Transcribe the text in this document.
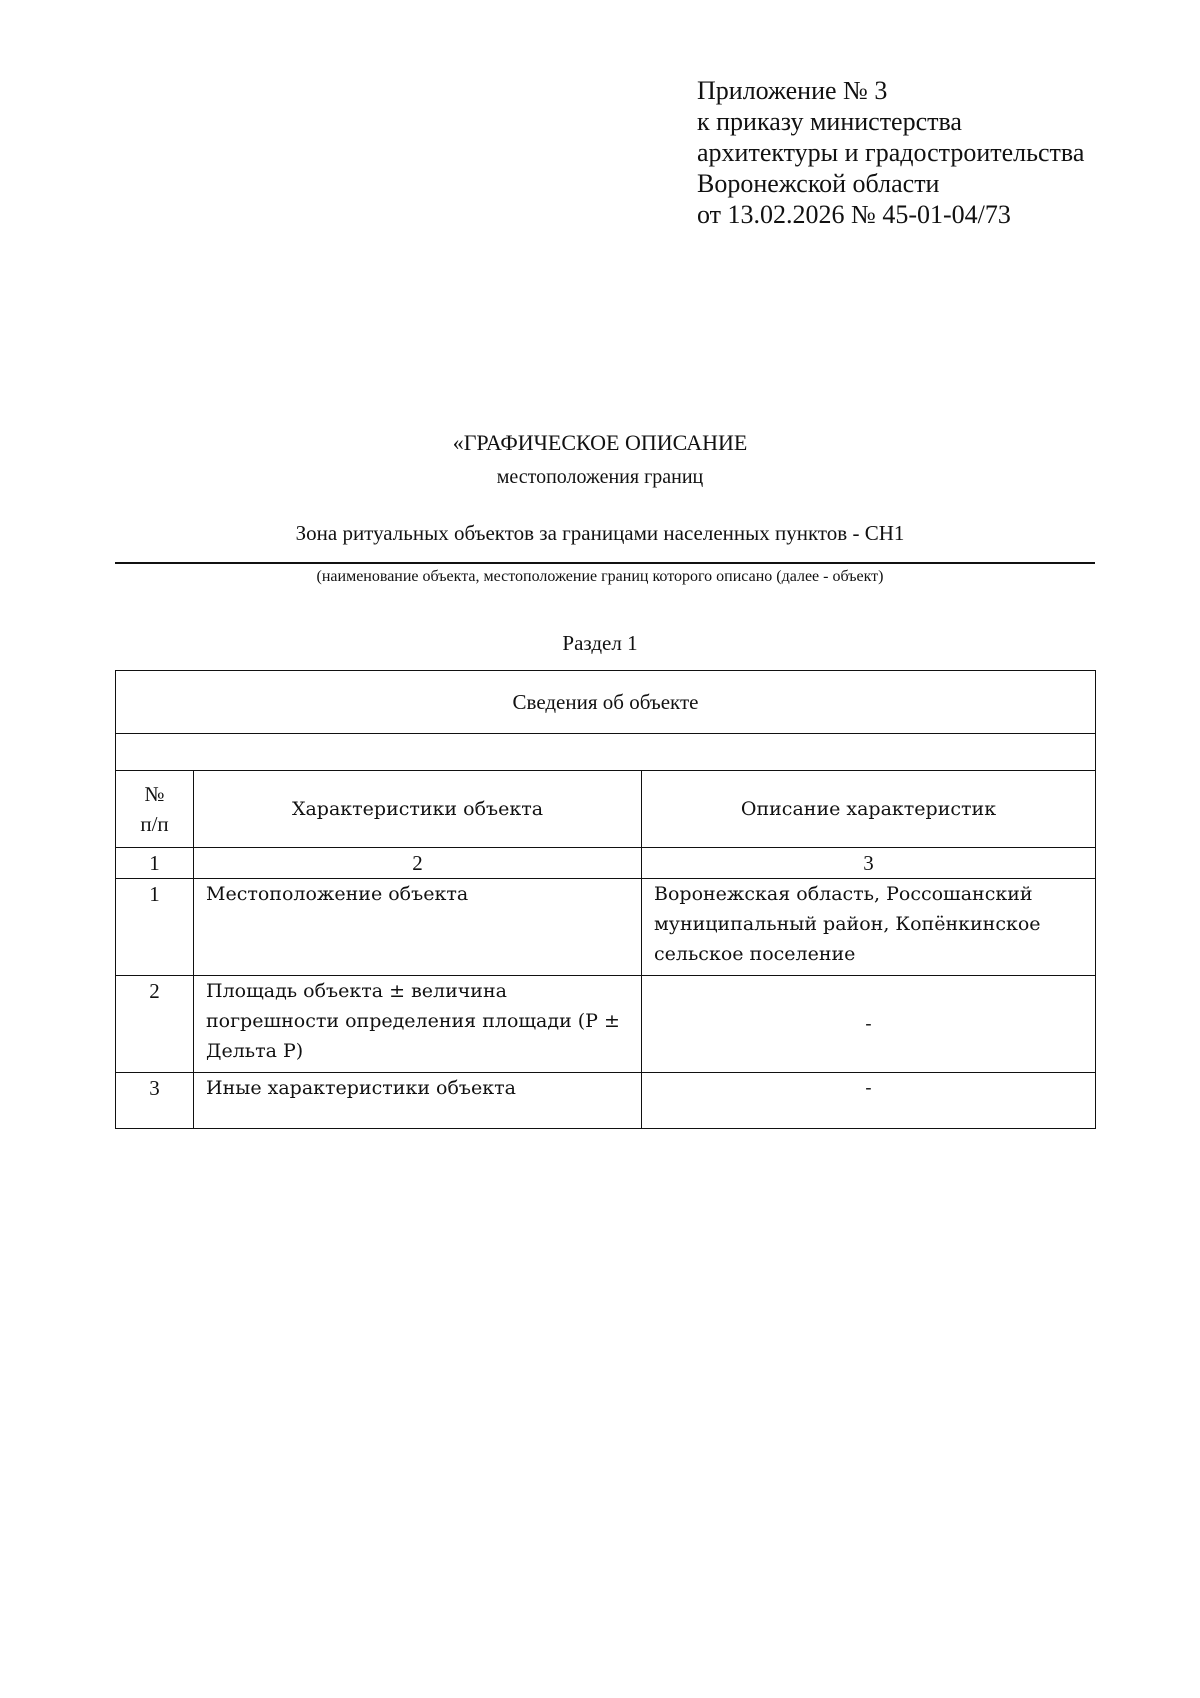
Приложение № 3
к приказу министерства
архитектуры и градостроительства
Воронежской области
от 13.02.2026 № 45-01-04/73
«ГРАФИЧЕСКОЕ ОПИСАНИЕ
местоположения границ
Зона ритуальных объектов за границами населенных пунктов - СН1
(наименование объекта, местоположение границ которого описано (далее - объект)
Раздел 1
Сведения об объекте		

№
п/п	Характеристики объекта	Описание характеристик
1	2	3
1	Местоположение объекта	Воронежская область, Россошанский муниципальный район, Копёнкинское сельское поселение
2	Площадь объекта ± величина погрешности определения площади (Р ± Дельта Р)	-
3	Иные характеристики объекта	-
